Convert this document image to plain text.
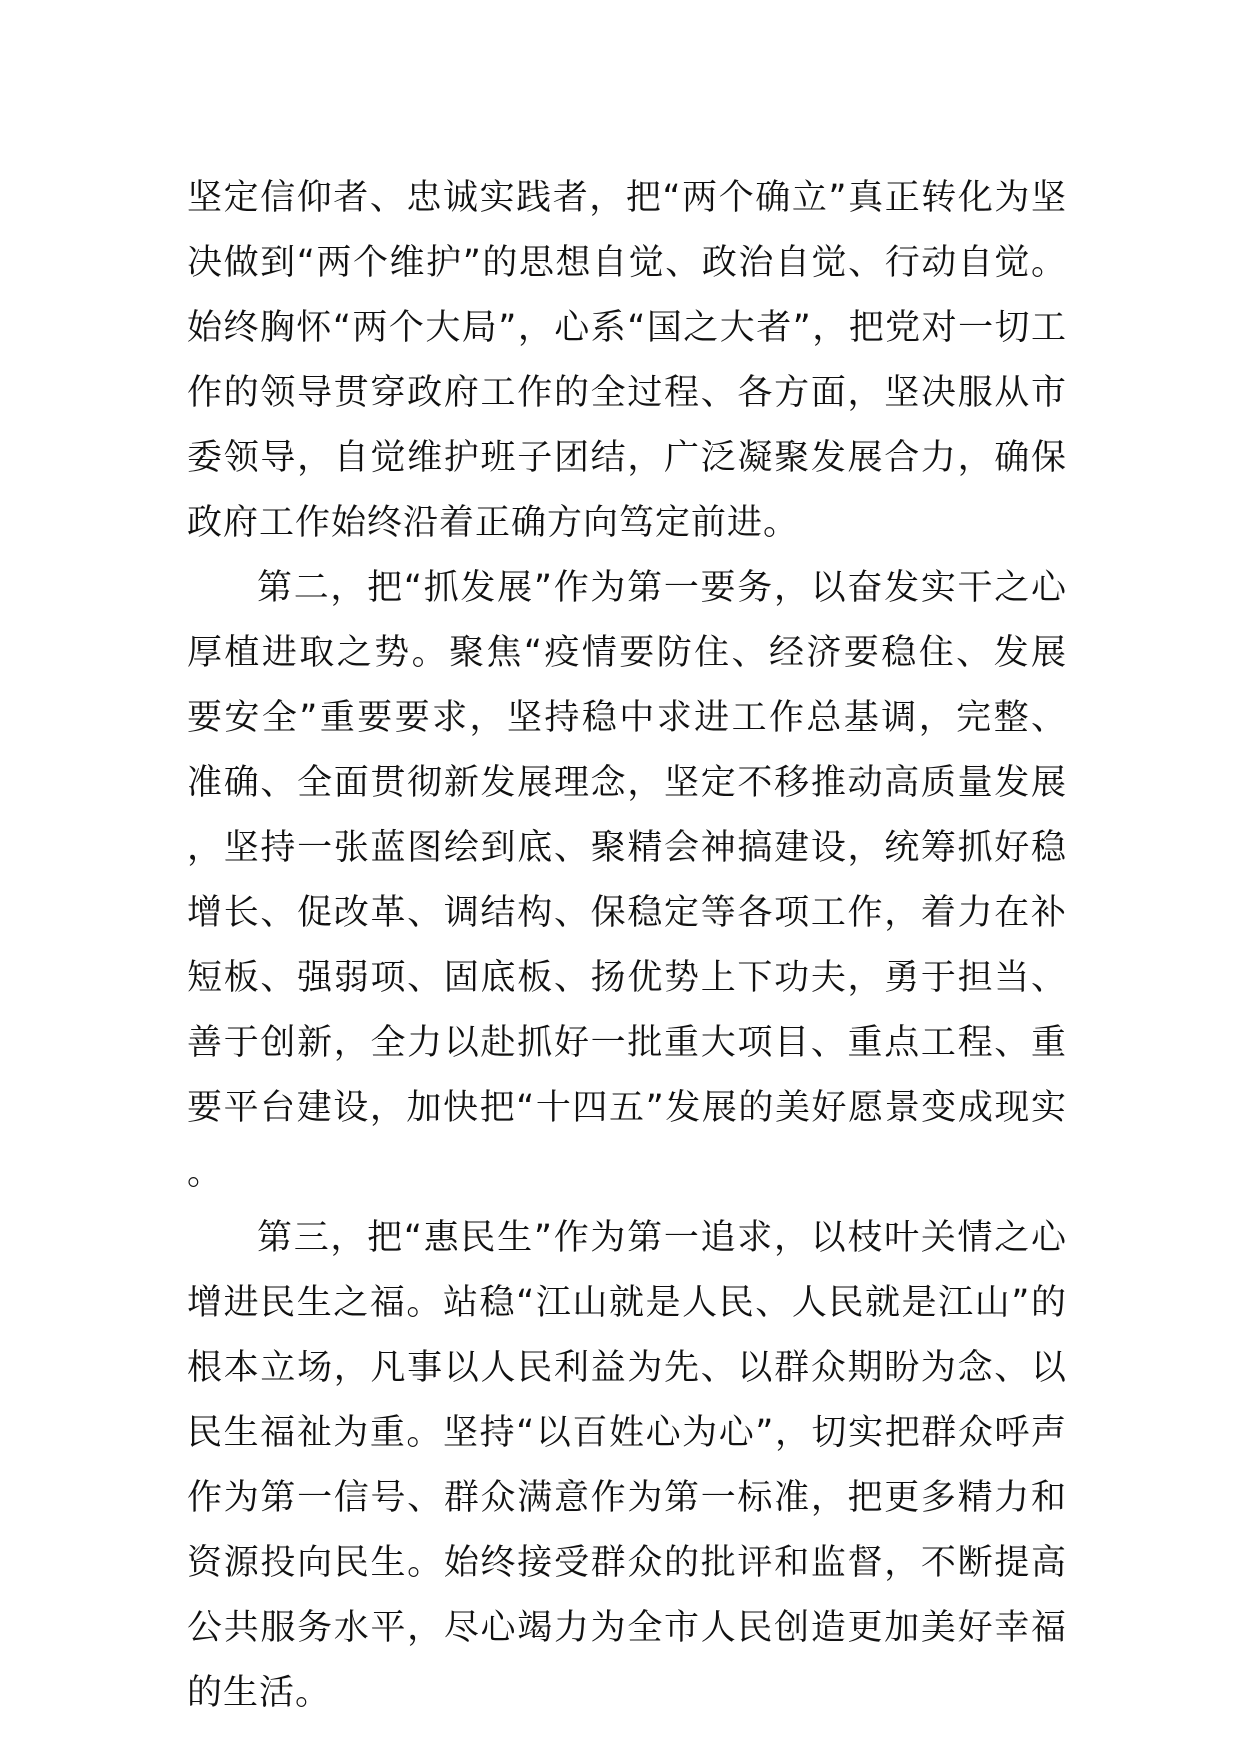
坚定信仰者、忠诚实践者，把“两个确立”真正转化为坚决做到“两个维护”的思想自觉、政治自觉、行动自觉。始终胸怀“两个大局”，心系“国之大者”，把党对一切工作的领导贯穿政府工作的全过程、各方面，坚决服从市委领导，自觉维护班子团结，广泛凝聚发展合力，确保政府工作始终沿着正确方向笃定前进。

第二，把“抓发展”作为第一要务，以奋发实干之心厚植进取之势。聚焦“疫情要防住、经济要稳住、发展要安全”重要要求，坚持稳中求进工作总基调，完整、准确、全面贯彻新发展理念，坚定不移推动高质量发展，坚持一张蓝图绘到底、聚精会神搞建设，统筹抓好稳增长、促改革、调结构、保稳定等各项工作，着力在补短板、强弱项、固底板、扬优势上下功夫，勇于担当、善于创新，全力以赴抓好一批重大项目、重点工程、重要平台建设，加快把“十四五”发展的美好愿景变成现实。

第三，把“惠民生”作为第一追求，以枝叶关情之心增进民生之福。站稳“江山就是人民、人民就是江山”的根本立场，凡事以人民利益为先、以群众期盼为念、以民生福祉为重。坚持“以百姓心为心”，切实把群众呼声作为第一信号、群众满意作为第一标准，把更多精力和资源投向民生。始终接受群众的批评和监督，不断提高公共服务水平，尽心竭力为全市人民创造更加美好幸福的生活。
